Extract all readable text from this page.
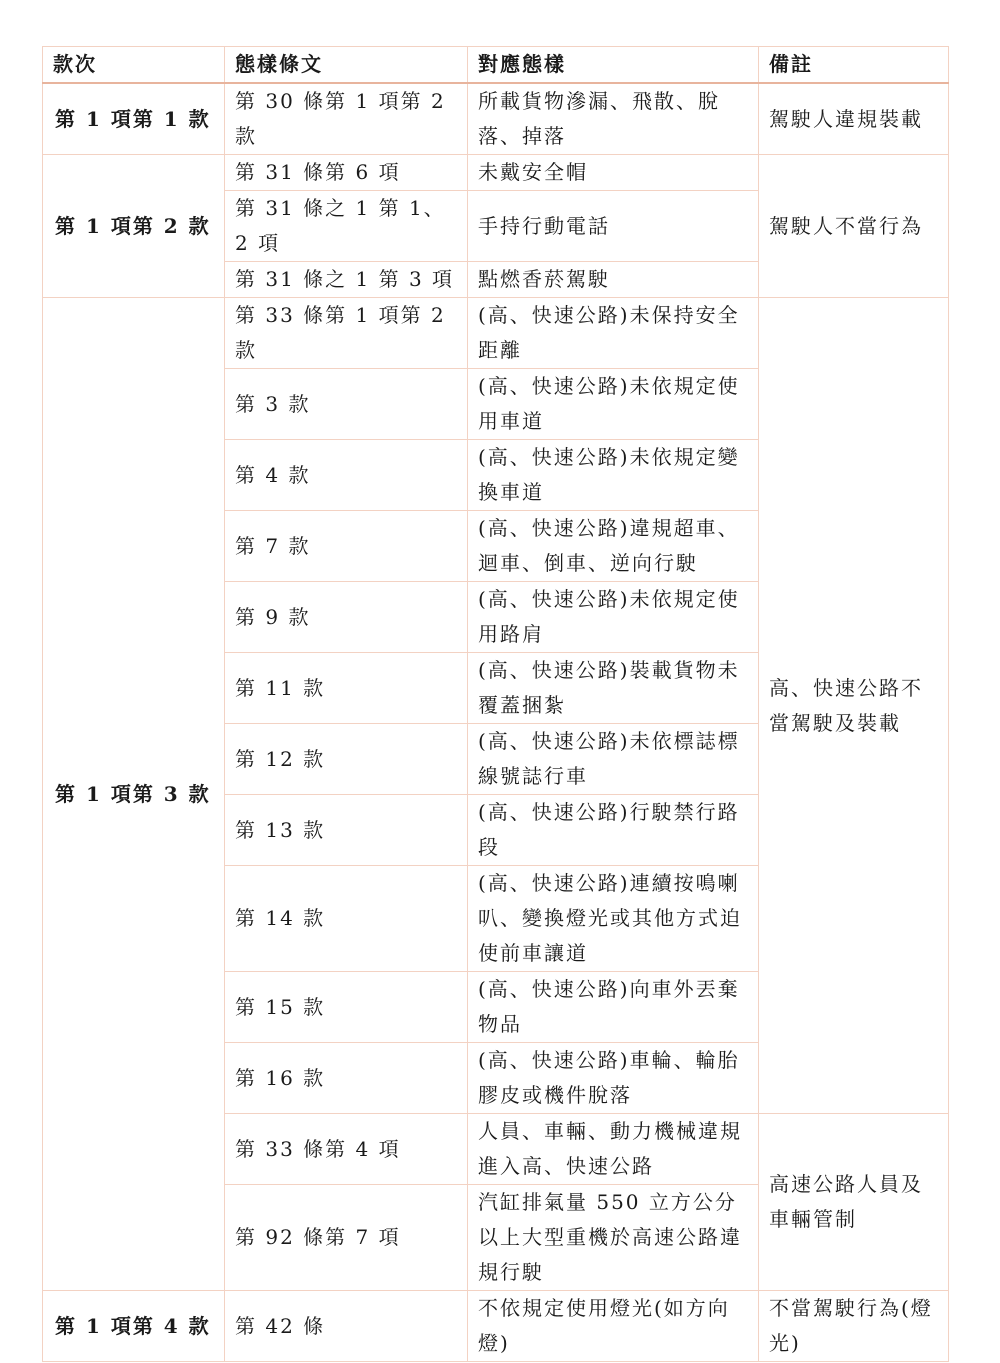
款次	態樣條文	對應態樣	備註
第 1 項第 1 款	第 30 條第 1 項第 2 款	所載貨物滲漏、飛散、脫落、掉落	駕駛人違規裝載
第 1 項第 2 款	第 31 條第 6 項	未戴安全帽	駕駛人不當行為
	第 31 條之 1 第 1、2 項	手持行動電話	
	第 31 條之 1 第 3 項	點燃香菸駕駛	
第 1 項第 3 款	第 33 條第 1 項第 2 款	(高、快速公路)未保持安全距離	高、快速公路不當駕駛及裝載
	第 3 款	(高、快速公路)未依規定使用車道	
	第 4 款	(高、快速公路)未依規定變換車道	
	第 7 款	(高、快速公路)違規超車、迴車、倒車、逆向行駛	
	第 9 款	(高、快速公路)未依規定使用路肩	
	第 11 款	(高、快速公路)裝載貨物未覆蓋捆紮	
	第 12 款	(高、快速公路)未依標誌標線號誌行車	
	第 13 款	(高、快速公路)行駛禁行路段	
	第 14 款	(高、快速公路)連續按鳴喇叭、變換燈光或其他方式迫使前車讓道	
	第 15 款	(高、快速公路)向車外丟棄物品	
	第 16 款	(高、快速公路)車輪、輪胎膠皮或機件脫落	
	第 33 條第 4 項	人員、車輛、動力機械違規進入高、快速公路	高速公路人員及車輛管制
	第 92 條第 7 項	汽缸排氣量 550 立方公分以上大型重機於高速公路違規行駛	
第 1 項第 4 款	第 42 條	不依規定使用燈光(如方向燈)	不當駕駛行為(燈光)
